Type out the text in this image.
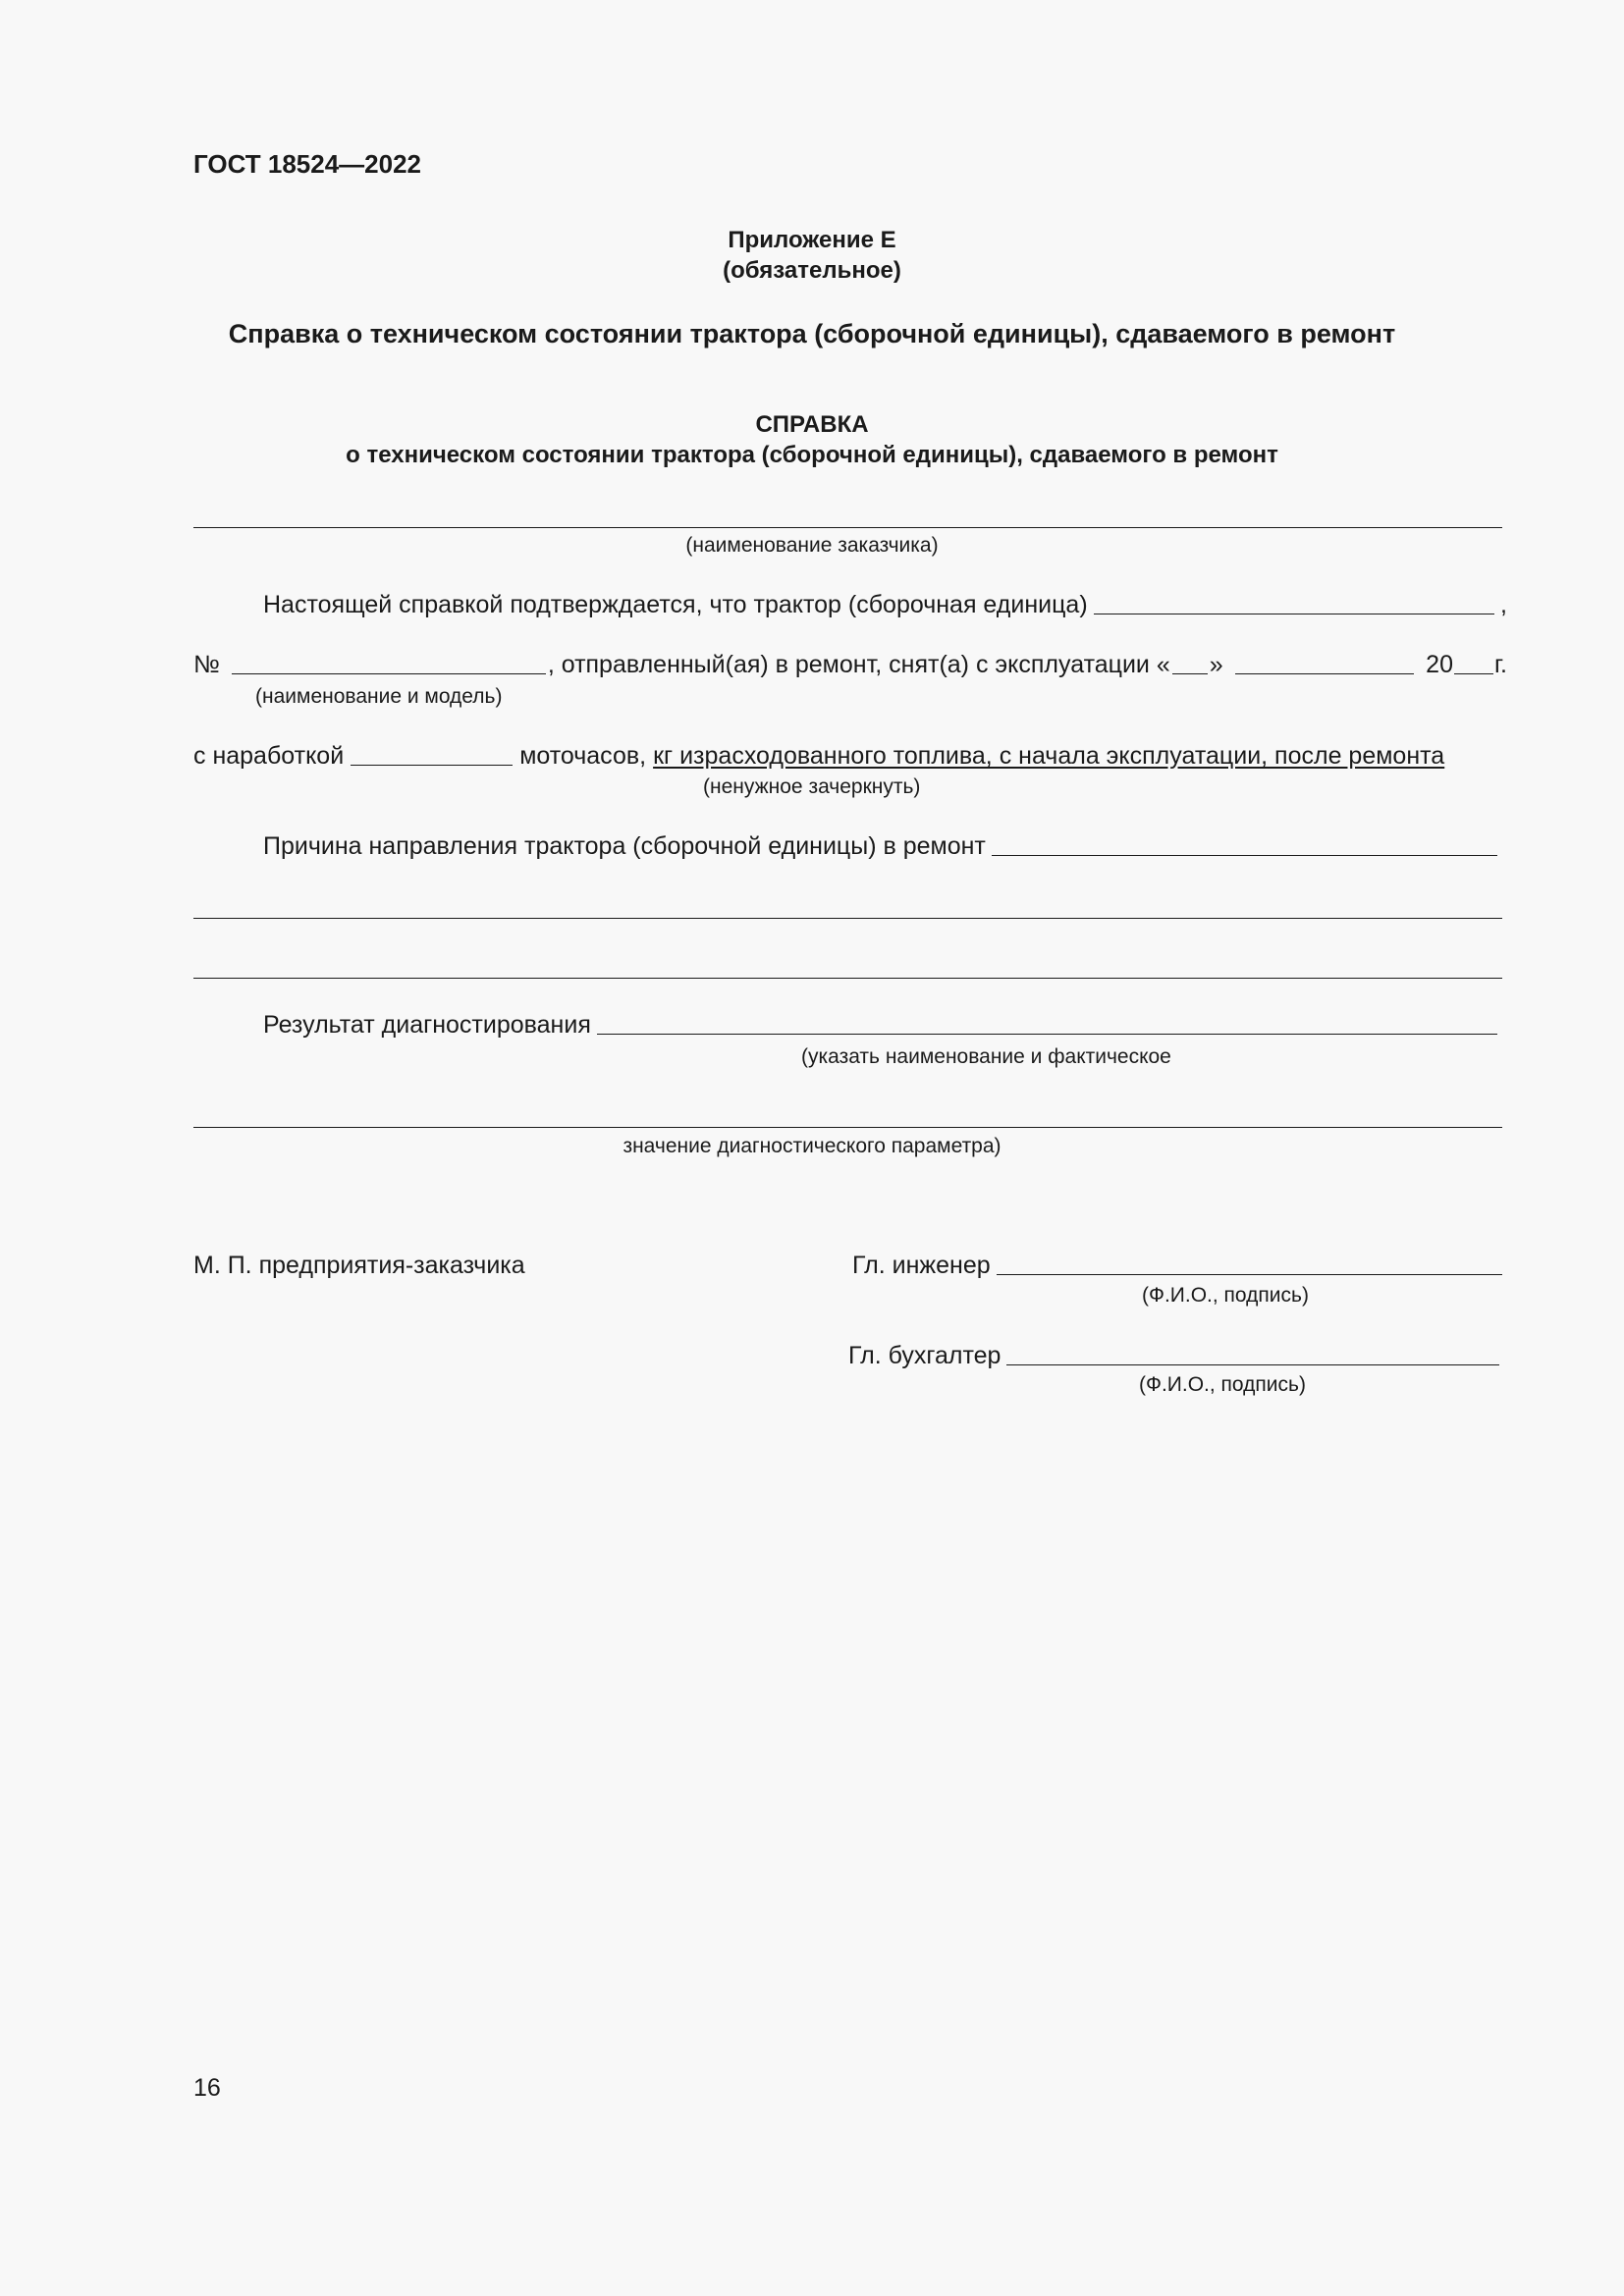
ГОСТ 18524—2022
Приложение Е
(обязательное)
Справка о техническом состоянии трактора (сборочной единицы), сдаваемого в ремонт
СПРАВКА
о техническом состоянии трактора (сборочной единицы), сдаваемого в ремонт
(наименование заказчика)
Настоящей справкой подтверждается, что трактор (сборочная единица)	,
№	, отправленный(ая) в ремонт, снят(а) с эксплуатации « »	20 г.
(наименование и модель)
с наработкой	моточасов, кг израсходованного топлива, с начала эксплуатации, после ремонта
(ненужное зачеркнуть)
Причина направления трактора (сборочной единицы) в ремонт
Результат диагностирования
(указать наименование и фактическое
значение диагностического параметра)
М. П. предприятия-заказчика	Гл. инженер
(Ф.И.О., подпись)
Гл. бухгалтер
(Ф.И.О., подпись)
16
